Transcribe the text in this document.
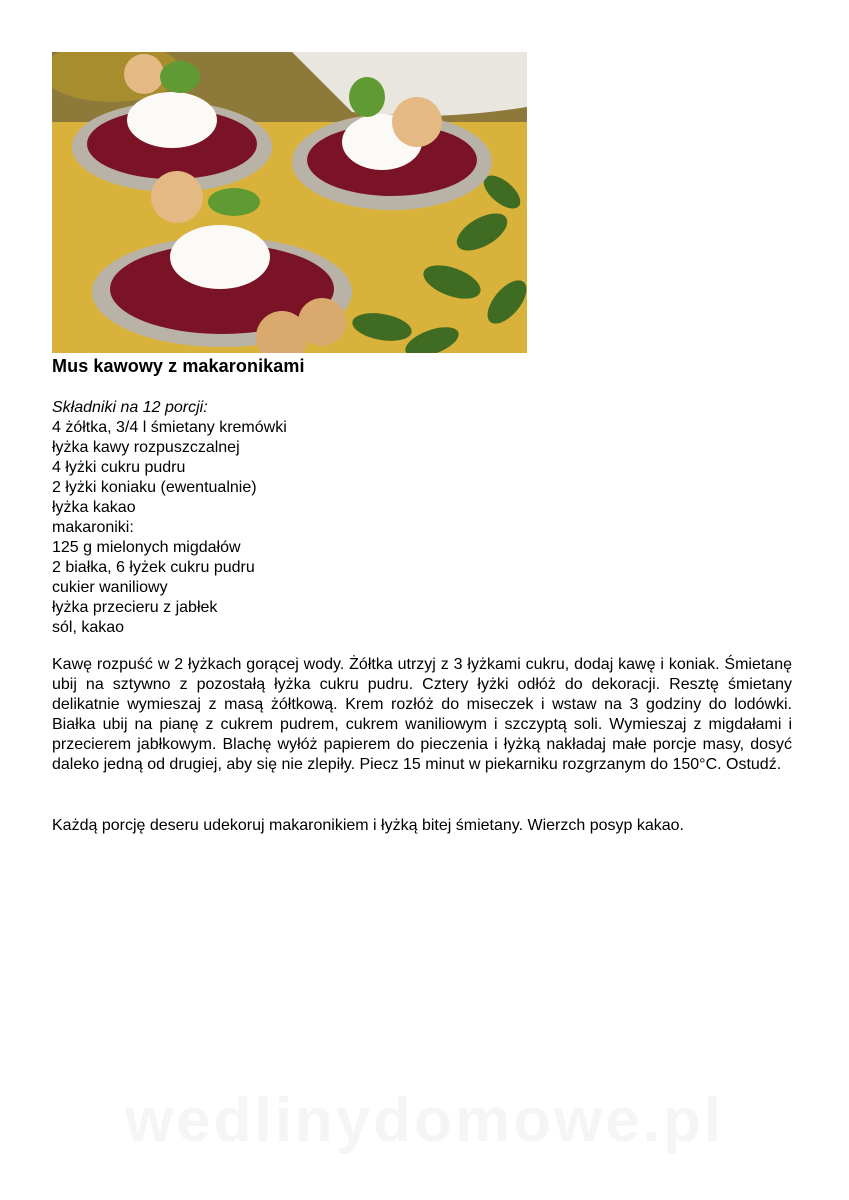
Mus kawowy z makaronikami
Składniki na 12 porcji:
4 żółtka, 3/4 l śmietany kremówki
łyżka kawy rozpuszczalnej
4 łyżki cukru pudru
2 łyżki koniaku (ewentualnie)
łyżka kakao
makaroniki:
125 g mielonych migdałów
2 białka, 6 łyżek cukru pudru
cukier waniliowy
łyżka przecieru z jabłek
sól, kakao

Kawę rozpuść w 2 łyżkach gorącej wody. Żółtka utrzyj z 3 łyżkami cukru, dodaj kawę i koniak. Śmietanę ubij na sztywno z pozostałą łyżka cukru pudru. Cztery łyżki odłóż do dekoracji. Resztę śmietany delikatnie wymieszaj z masą żółtkową. Krem rozłóż do miseczek i wstaw na 3 godziny do lodówki. Białka ubij na pianę z cukrem pudrem, cukrem waniliowym i szczyptą soli. Wymieszaj z migdałami i przecierem jabłkowym. Blachę wyłóż papierem do pieczenia i łyżką nakładaj małe porcje masy, dosyć daleko jedną od drugiej, aby się nie zlepiły. Piecz 15 minut w piekarniku rozgrzanym do 150°C. Ostudź.

Każdą porcję deseru udekoruj makaronikiem i łyżką bitej śmietany. Wierzch posyp kakao.

wedlinydomowe.pl
